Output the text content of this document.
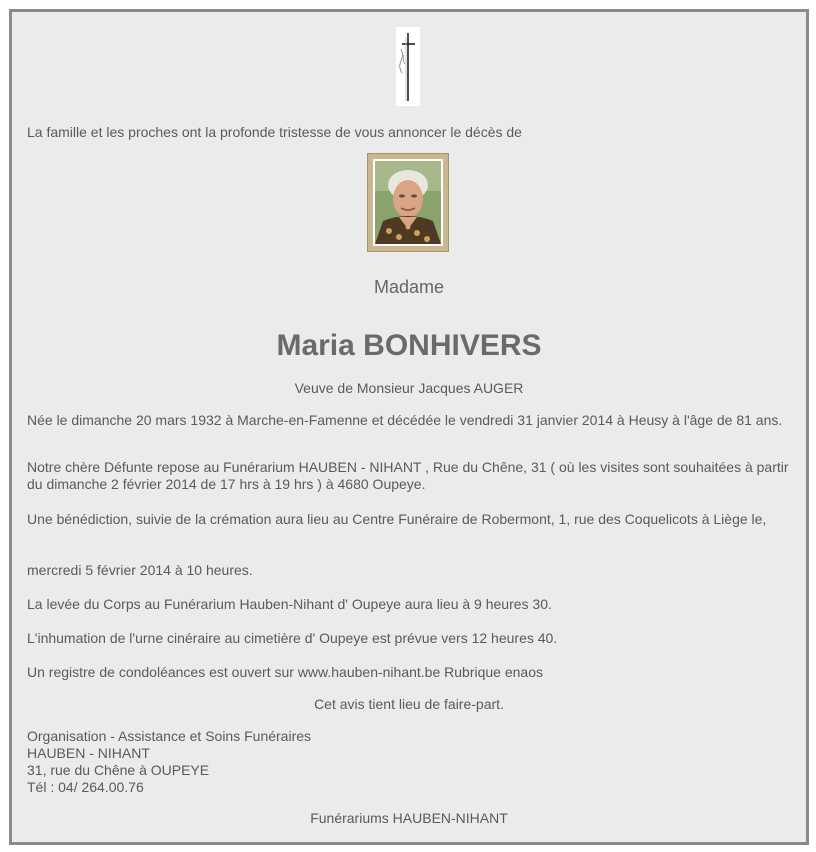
La famille et les proches ont la profonde tristesse de vous annoncer le décès de
Madame
Maria BONHIVERS
Veuve de Monsieur Jacques AUGER
Née le dimanche 20 mars 1932 à Marche-en-Famenne et décédée le vendredi 31 janvier 2014 à Heusy à l'âge de 81 ans.
Notre chère Défunte repose au Funérarium HAUBEN - NIHANT , Rue du Chêne, 31 ( où les visites sont souhaitées à partir du dimanche 2 février 2014 de 17 hrs à 19 hrs ) à 4680 Oupeye.
Une bénédiction, suivie de la crémation aura lieu au Centre Funéraire de Robermont, 1, rue des Coquelicots à Liège le,
mercredi 5 février 2014 à 10 heures.
La levée du Corps au Funérarium Hauben-Nihant d' Oupeye aura lieu à 9 heures 30.
L'inhumation de l'urne cinéraire au cimetière d' Oupeye est prévue vers 12 heures 40.
Un registre de condoléances est ouvert sur www.hauben-nihant.be Rubrique enaos
Cet avis tient lieu de faire-part.
Organisation - Assistance et Soins Funéraires
HAUBEN - NIHANT
31, rue du Chêne à OUPEYE
Tél : 04/ 264.00.76
Funérariums HAUBEN-NIHANT
